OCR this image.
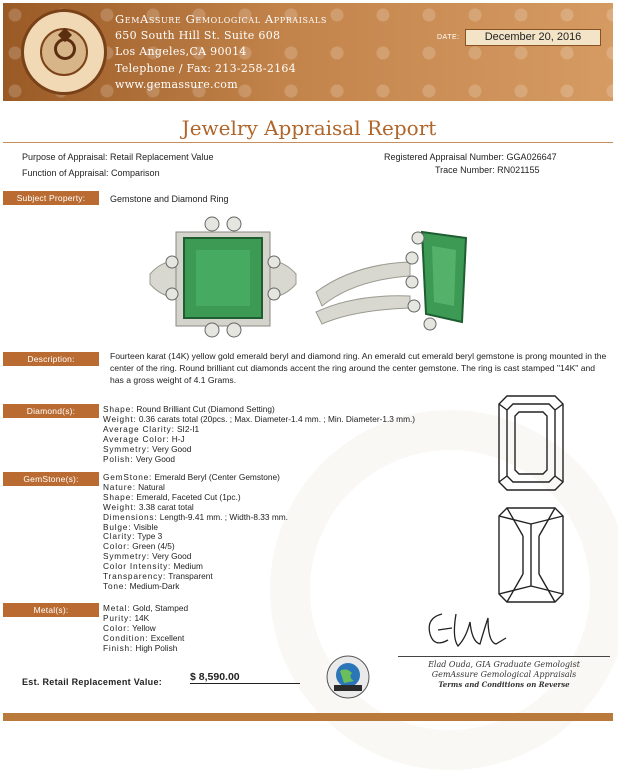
GemAssure Gemological Appraisals
650 South Hill St. Suite 608
Los Angeles,CA 90014
Telephone / Fax: 213-258-2164
www.gemassure.com
DATE:	December 20, 2016
Jewelry Appraisal Report
Purpose of Appraisal: Retail Replacement Value
Function of Appraisal: Comparison
Registered Appraisal Number: GGA026647
Trace Number: RN021155
Subject Property:	Gemstone and Diamond Ring
Description:	Fourteen karat (14K) yellow gold emerald beryl and diamond ring. An emerald cut emerald beryl gemstone is prong mounted in the center of the ring. Round brilliant cut diamonds accent the ring around the center gemstone. The ring is cast stamped "14K" and has a gross weight of 4.1 Grams.
Diamond(s):	Shape: Round Brilliant Cut (Diamond Setting)
Weight: 0.36 carats total (20pcs. ; Max. Diameter-1.4 mm. ; Min. Diameter-1.3 mm.)
Average Clarity: SI2-I1
Average Color: H-J
Symmetry: Very Good
Polish: Very Good
GemStone(s):	GemStone: Emerald Beryl (Center Gemstone)
Nature: Natural
Shape: Emerald, Faceted Cut (1pc.)
Weight: 3.38 carat total
Dimensions: Length-9.41 mm. ; Width-8.33 mm.
Bulge: Visible
Clarity: Type 3
Color: Green (4/5)
Symmetry: Very Good
Color Intensity: Medium
Transparency: Transparent
Tone: Medium-Dark
Metal(s):	Metal: Gold, Stamped
Purity: 14K
Color: Yellow
Condition: Excellent
Finish: High Polish
Elad Ouda, GIA Graduate Gemologist
GemAssure Gemological Appraisals
Terms and Conditions on Reverse
Est. Retail Replacement Value:	$ 8,590.00
